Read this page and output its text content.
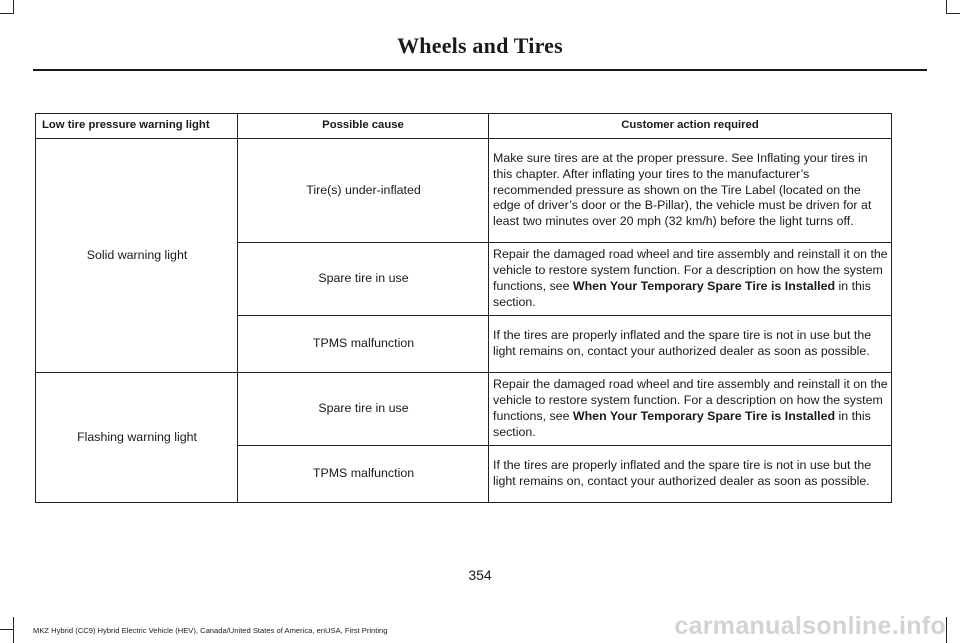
Wheels and Tires
Low tire pressure warning light	Possible cause	Customer action required
Solid warning light	Tire(s) under-inflated	Make sure tires are at the proper pressure. See Inflating your tires in this chapter. After inflating your tires to the manufacturer’s recommended pressure as shown on the Tire Label (located on the edge of driver’s door or the B-Pillar), the vehicle must be driven for at least two minutes over 20 mph (32 km/h) before the light turns off.
	Spare tire in use	Repair the damaged road wheel and tire assembly and reinstall it on the vehicle to restore system function. For a description on how the system functions, see When Your Temporary Spare Tire is Installed in this section.
	TPMS malfunction	If the tires are properly inflated and the spare tire is not in use but the light remains on, contact your authorized dealer as soon as possible.
Flashing warning light	Spare tire in use	Repair the damaged road wheel and tire assembly and reinstall it on the vehicle to restore system function. For a description on how the system functions, see When Your Temporary Spare Tire is Installed in this section.
	TPMS malfunction	If the tires are properly inflated and the spare tire is not in use but the light remains on, contact your authorized dealer as soon as possible.
354
MKZ Hybrid (CC9) Hybrid Electric Vehicle (HEV), Canada/United States of America, enUSA, First Printing	carmanualsonline.info
